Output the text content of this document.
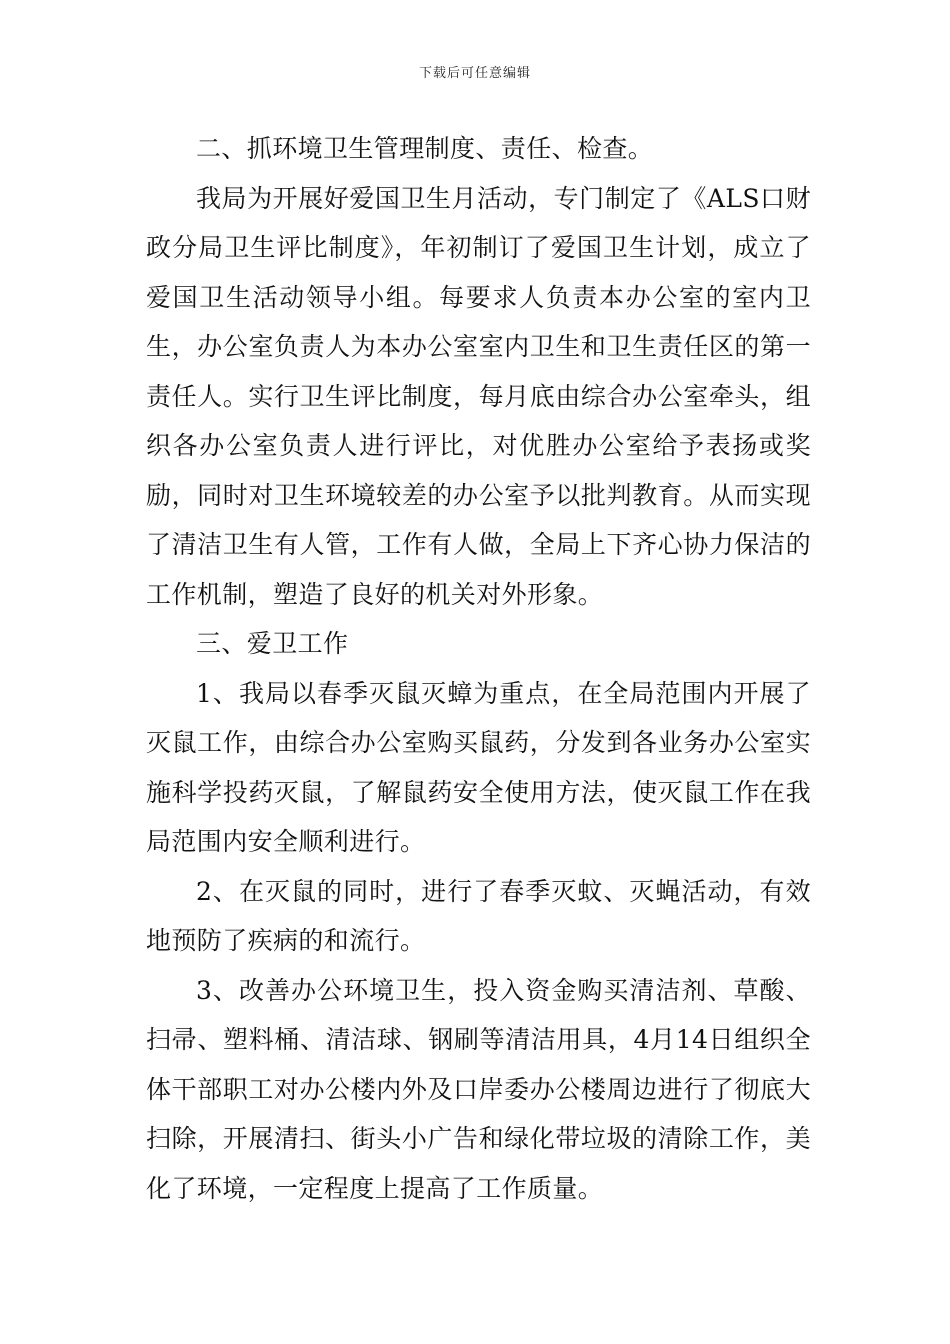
下载后可任意编辑

二、抓环境卫生管理制度、责任、检查。

我局为开展好爱国卫生月活动，专门制定了《ALS口财政分局卫生评比制度》，年初制订了爱国卫生计划，成立了爱国卫生活动领导小组。每要求人负责本办公室的室内卫生，办公室负责人为本办公室室内卫生和卫生责任区的第一责任人。实行卫生评比制度，每月底由综合办公室牵头，组织各办公室负责人进行评比，对优胜办公室给予表扬或奖励，同时对卫生环境较差的办公室予以批判教育。从而实现了清洁卫生有人管，工作有人做，全局上下齐心协力保洁的工作机制，塑造了良好的机关对外形象。

三、爱卫工作

1、我局以春季灭鼠灭蟑为重点，在全局范围内开展了灭鼠工作，由综合办公室购买鼠药，分发到各业务办公室实施科学投药灭鼠，了解鼠药安全使用方法，使灭鼠工作在我局范围内安全顺利进行。

2、在灭鼠的同时，进行了春季灭蚊、灭蝇活动，有效地预防了疾病的和流行。

3、改善办公环境卫生，投入资金购买清洁剂、草酸、扫帚、塑料桶、清洁球、钢刷等清洁用具，4月14日组织全体干部职工对办公楼内外及口岸委办公楼周边进行了彻底大扫除，开展清扫、街头小广告和绿化带垃圾的清除工作，美化了环境，一定程度上提高了工作质量。
